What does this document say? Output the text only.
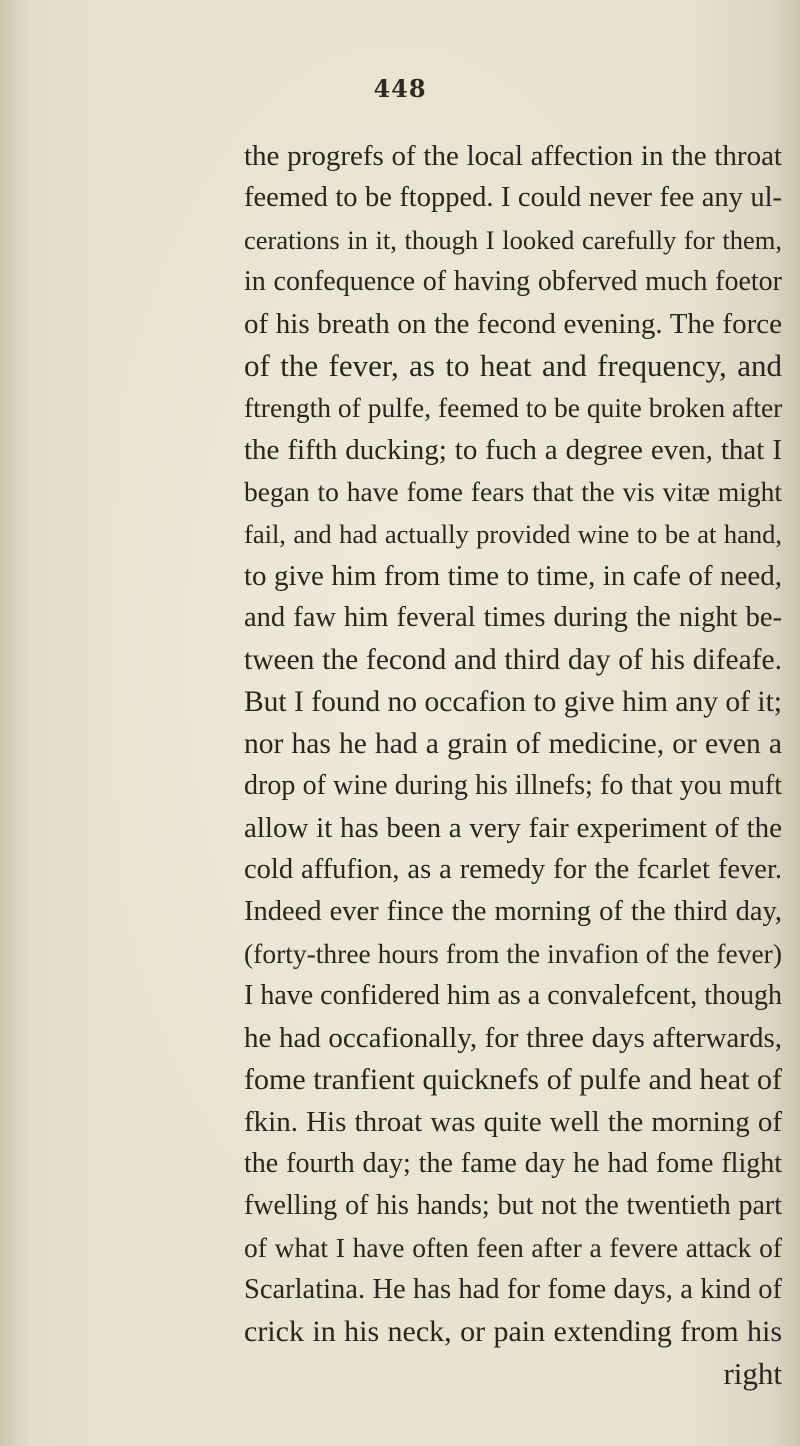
448
the progrefs of the local affection in the throat
feemed to be ftopped. I could never fee any ul-
cerations in it, though I looked carefully for them,
in confequence of having obferved much foetor
of his breath on the fecond evening. The force
of the fever, as to heat and frequency, and
ftrength of pulfe, feemed to be quite broken after
the fifth ducking; to fuch a degree even, that I
began to have fome fears that the vis vitæ might
fail, and had actually provided wine to be at hand,
to give him from time to time, in cafe of need,
and faw him feveral times during the night be-
tween the fecond and third day of his difeafe.
But I found no occafion to give him any of it;
nor has he had a grain of medicine, or even a
drop of wine during his illnefs; fo that you muft
allow it has been a very fair experiment of the
cold affufion, as a remedy for the fcarlet fever.
Indeed ever fince the morning of the third day,
(forty-three hours from the invafion of the fever)
I have confidered him as a convalefcent, though
he had occafionally, for three days afterwards,
fome tranfient quicknefs of pulfe and heat of
fkin. His throat was quite well the morning of
the fourth day; the fame day he had fome flight
fwelling of his hands; but not the twentieth part
of what I have often feen after a fevere attack of
Scarlatina. He has had for fome days, a kind of
crick in his neck, or pain extending from his
right
